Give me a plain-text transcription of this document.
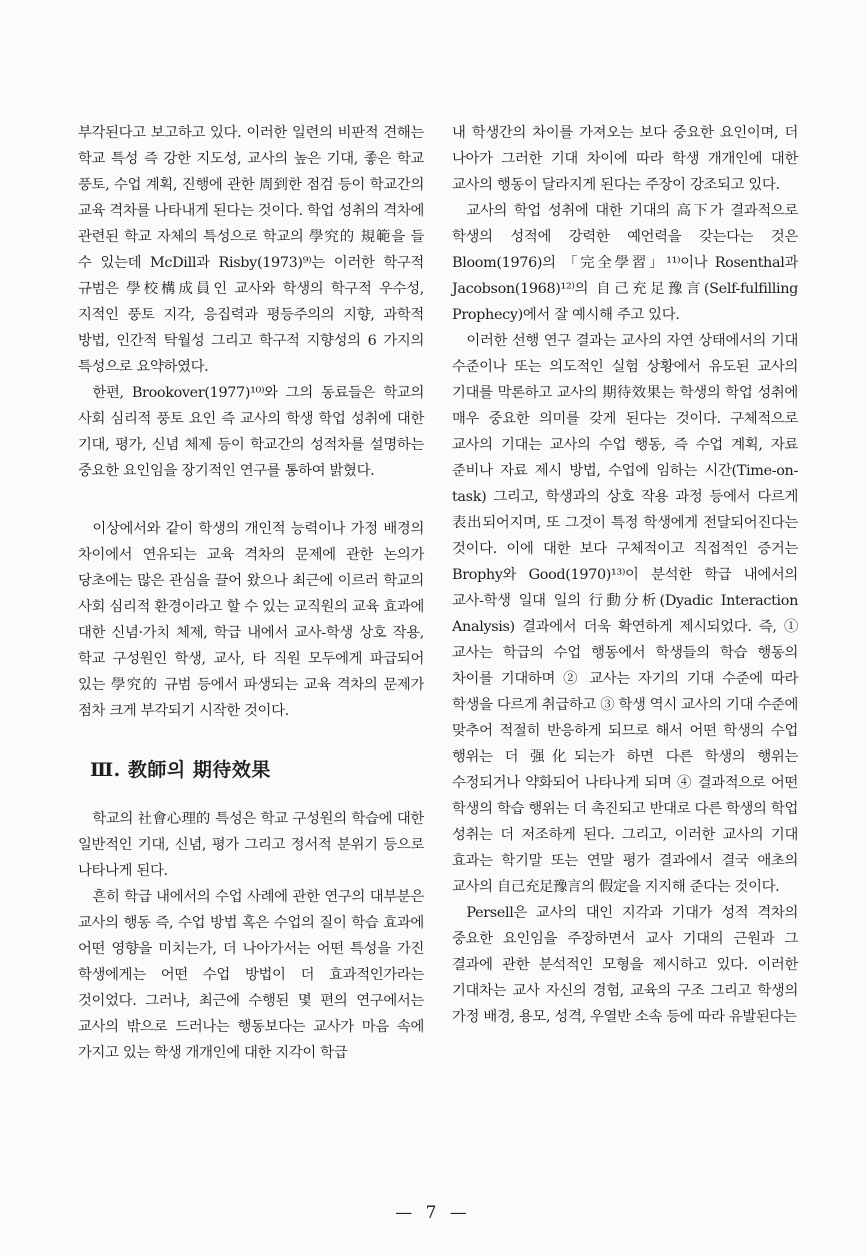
부각된다고 보고하고 있다. 이러한 일련의 비판적 견해는 학교 특성 즉 강한 지도성, 교사의 높은 기대, 좋은 학교 풍토, 수업 계획, 진행에 관한 周到한 점검 등이 학교간의 교육 격차를 나타내게 된다는 것이다. 학업 성취의 격차에 관련된 학교 자체의 특성으로 학교의 學究的 規範을 들 수 있는데 McDill과 Risby(1973)⁹⁾는 이러한 학구적 규범은 學校構成員인 교사와 학생의 학구적 우수성, 지적인 풍토 지각, 응집력과 평등주의의 지향, 과학적 방법, 인간적 탁월성 그리고 학구적 지향성의 6 가지의 특성으로 요약하였다.

한편, Brookover(1977)¹⁰⁾와 그의 동료들은 학교의 사회 심리적 풍토 요인 즉 교사의 학생 학업 성취에 대한 기대, 평가, 신념 체제 등이 학교간의 성적차를 설명하는 중요한 요인임을 장기적인 연구를 통하여 밝혔다.

이상에서와 같이 학생의 개인적 능력이나 가정 배경의 차이에서 연유되는 교육 격차의 문제에 관한 논의가 당초에는 많은 관심을 끌어 왔으나 최근에 이르러 학교의 사회 심리적 환경이라고 할 수 있는 교직원의 교육 효과에 대한 신념·가치 체제, 학급 내에서 교사-학생 상호 작용, 학교 구성원인 학생, 교사, 타 직원 모두에게 파급되어 있는 學究的 규범 등에서 파생되는 교육 격차의 문제가 점차 크게 부각되기 시작한 것이다.

Ⅲ. 教師의 期待效果

학교의 社會心理的 특성은 학교 구성원의 학습에 대한 일반적인 기대, 신념, 평가 그리고 정서적 분위기 등으로 나타나게 된다.

흔히 학급 내에서의 수업 사례에 관한 연구의 대부분은 교사의 행동 즉, 수업 방법 혹은 수업의 질이 학습 효과에 어떤 영향을 미치는가, 더 나아가서는 어떤 특성을 가진 학생에게는 어떤 수업 방법이 더 효과적인가라는 것이었다. 그러나, 최근에 수행된 몇 편의 연구에서는 교사의 밖으로 드러나는 행동보다는 교사가 마음 속에 가지고 있는 학생 개개인에 대한 지각이 학급

내 학생간의 차이를 가져오는 보다 중요한 요인이며, 더 나아가 그러한 기대 차이에 따라 학생 개개인에 대한 교사의 행동이 달라지게 된다는 주장이 강조되고 있다.

교사의 학업 성취에 대한 기대의 高下가 결과적으로 학생의 성적에 강력한 예언력을 갖는다는 것은 Bloom(1976)의 「完全學習」¹¹⁾이나 Rosenthal과 Jacobson(1968)¹²⁾의 自己充足豫言(Self-fulfilling Prophecy)에서 잘 예시해 주고 있다.

이러한 선행 연구 결과는 교사의 자연 상태에서의 기대 수준이나 또는 의도적인 실험 상황에서 유도된 교사의 기대를 막론하고 교사의 期待效果는 학생의 학업 성취에 매우 중요한 의미를 갖게 된다는 것이다. 구체적으로 교사의 기대는 교사의 수업 행동, 즉 수업 계획, 자료 준비나 자료 제시 방법, 수업에 임하는 시간(Time-on-task) 그리고, 학생과의 상호 작용 과정 등에서 다르게 表出되어지며, 또 그것이 특정 학생에게 전달되어진다는 것이다. 이에 대한 보다 구체적이고 직접적인 증거는 Brophy와 Good(1970)¹³⁾이 분석한 학급 내에서의 교사-학생 일대 일의 行動分析(Dyadic Interaction Analysis) 결과에서 더욱 확연하게 제시되었다. 즉, ① 교사는 학급의 수업 행동에서 학생들의 학습 행동의 차이를 기대하며 ② 교사는 자기의 기대 수준에 따라 학생을 다르게 취급하고 ③ 학생 역시 교사의 기대 수준에 맞추어 적절히 반응하게 되므로 해서 어떤 학생의 수업 행위는 더 强化되는가 하면 다른 학생의 행위는 수정되거나 약화되어 나타나게 되며 ④ 결과적으로 어떤 학생의 학습 행위는 더 촉진되고 반대로 다른 학생의 학업 성취는 더 저조하게 된다. 그리고, 이러한 교사의 기대 효과는 학기말 또는 연말 평가 결과에서 결국 애초의 교사의 自己充足豫言의 假定을 지지해 준다는 것이다.

Persell은 교사의 대인 지각과 기대가 성적 격차의 중요한 요인임을 주장하면서 교사 기대의 근원과 그 결과에 관한 분석적인 모형을 제시하고 있다. 이러한 기대차는 교사 자신의 경험, 교육의 구조 그리고 학생의 가정 배경, 용모, 성격, 우열반 소속 등에 따라 유발된다는

— 7 —
